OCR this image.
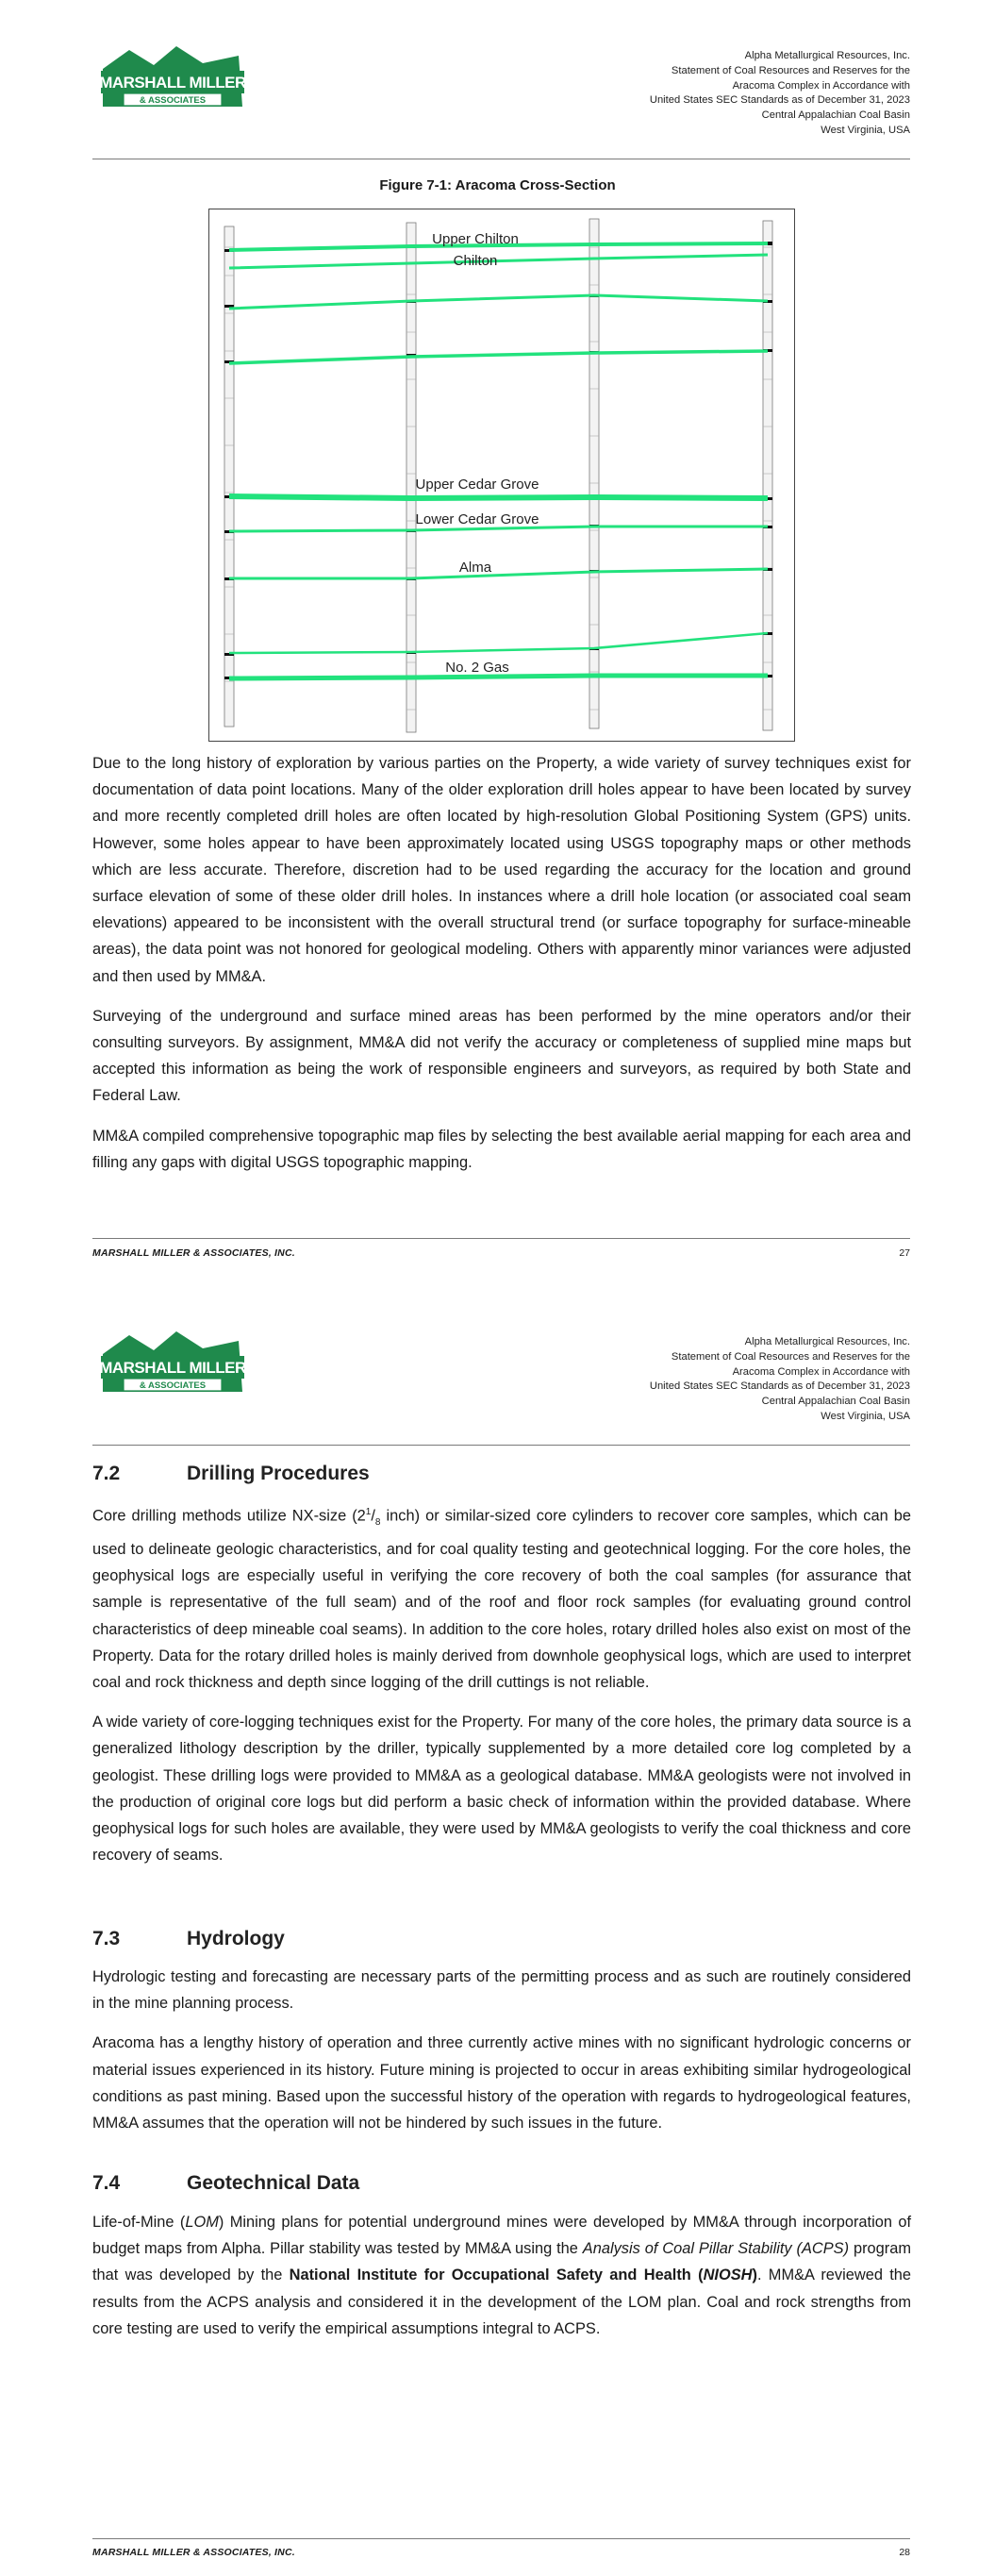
MARSHALL MILLER
& ASSOCIATES
Alpha Metallurgical Resources, Inc.
Statement of Coal Resources and Reserves for the
Aracoma Complex in Accordance with
United States SEC Standards as of December 31, 2023
Central Appalachian Coal Basin
West Virginia, USA
Figure 7-1: Aracoma Cross-Section
Upper Chilton
Chilton
Upper Cedar Grove
Lower Cedar Grove
Alma
No. 2 Gas

Due to the long history of exploration by various parties on the Property, a wide variety of survey techniques exist for documentation of data point locations. Many of the older exploration drill holes appear to have been located by survey and more recently completed drill holes are often located by high-resolution Global Positioning System (GPS) units. However, some holes appear to have been approximately located using USGS topography maps or other methods which are less accurate. Therefore, discretion had to be used regarding the accuracy for the location and ground surface elevation of some of these older drill holes. In instances where a drill hole location (or associated coal seam elevations) appeared to be inconsistent with the overall structural trend (or surface topography for surface-mineable areas), the data point was not honored for geological modeling. Others with apparently minor variances were adjusted and then used by MM&A.

Surveying of the underground and surface mined areas has been performed by the mine operators and/or their consulting surveyors. By assignment, MM&A did not verify the accuracy or completeness of supplied mine maps but accepted this information as being the work of responsible engineers and surveyors, as required by both State and Federal Law.

MM&A compiled comprehensive topographic map files by selecting the best available aerial mapping for each area and filling any gaps with digital USGS topographic mapping.

MARSHALL MILLER & ASSOCIATES, INC.	27
MARSHALL MILLER
& ASSOCIATES
Alpha Metallurgical Resources, Inc.
Statement of Coal Resources and Reserves for the
Aracoma Complex in Accordance with
United States SEC Standards as of December 31, 2023
Central Appalachian Coal Basin
West Virginia, USA
7.2	Drilling Procedures

Core drilling methods utilize NX-size ($2^1/_8$ inch) or similar-sized core cylinders to recover core samples, which can be used to delineate geologic characteristics, and for coal quality testing and geotechnical logging. For the core holes, the geophysical logs are especially useful in verifying the core recovery of both the coal samples (for assurance that sample is representative of the full seam) and of the roof and floor rock samples (for evaluating ground control characteristics of deep mineable coal seams). In addition to the core holes, rotary drilled holes also exist on most of the Property. Data for the rotary drilled holes is mainly derived from downhole geophysical logs, which are used to interpret coal and rock thickness and depth since logging of the drill cuttings is not reliable.

A wide variety of core-logging techniques exist for the Property. For many of the core holes, the primary data source is a generalized lithology description by the driller, typically supplemented by a more detailed core log completed by a geologist. These drilling logs were provided to MM&A as a geological database. MM&A geologists were not involved in the production of original core logs but did perform a basic check of information within the provided database. Where geophysical logs for such holes are available, they were used by MM&A geologists to verify the coal thickness and core recovery of seams.

7.3	Hydrology

Hydrologic testing and forecasting are necessary parts of the permitting process and as such are routinely considered in the mine planning process.

Aracoma has a lengthy history of operation and three currently active mines with no significant hydrologic concerns or material issues experienced in its history. Future mining is projected to occur in areas exhibiting similar hydrogeological conditions as past mining. Based upon the successful history of the operation with regards to hydrogeological features, MM&A assumes that the operation will not be hindered by such issues in the future.

7.4	Geotechnical Data

Life-of-Mine (LOM) Mining plans for potential underground mines were developed by MM&A through incorporation of budget maps from Alpha. Pillar stability was tested by MM&A using the Analysis of Coal Pillar Stability (ACPS) program that was developed by the National Institute for Occupational Safety and Health (NIOSH). MM&A reviewed the results from the ACPS analysis and considered it in the development of the LOM plan. Coal and rock strengths from core testing are used to verify the empirical assumptions integral to ACPS.

MARSHALL MILLER & ASSOCIATES, INC.	28
